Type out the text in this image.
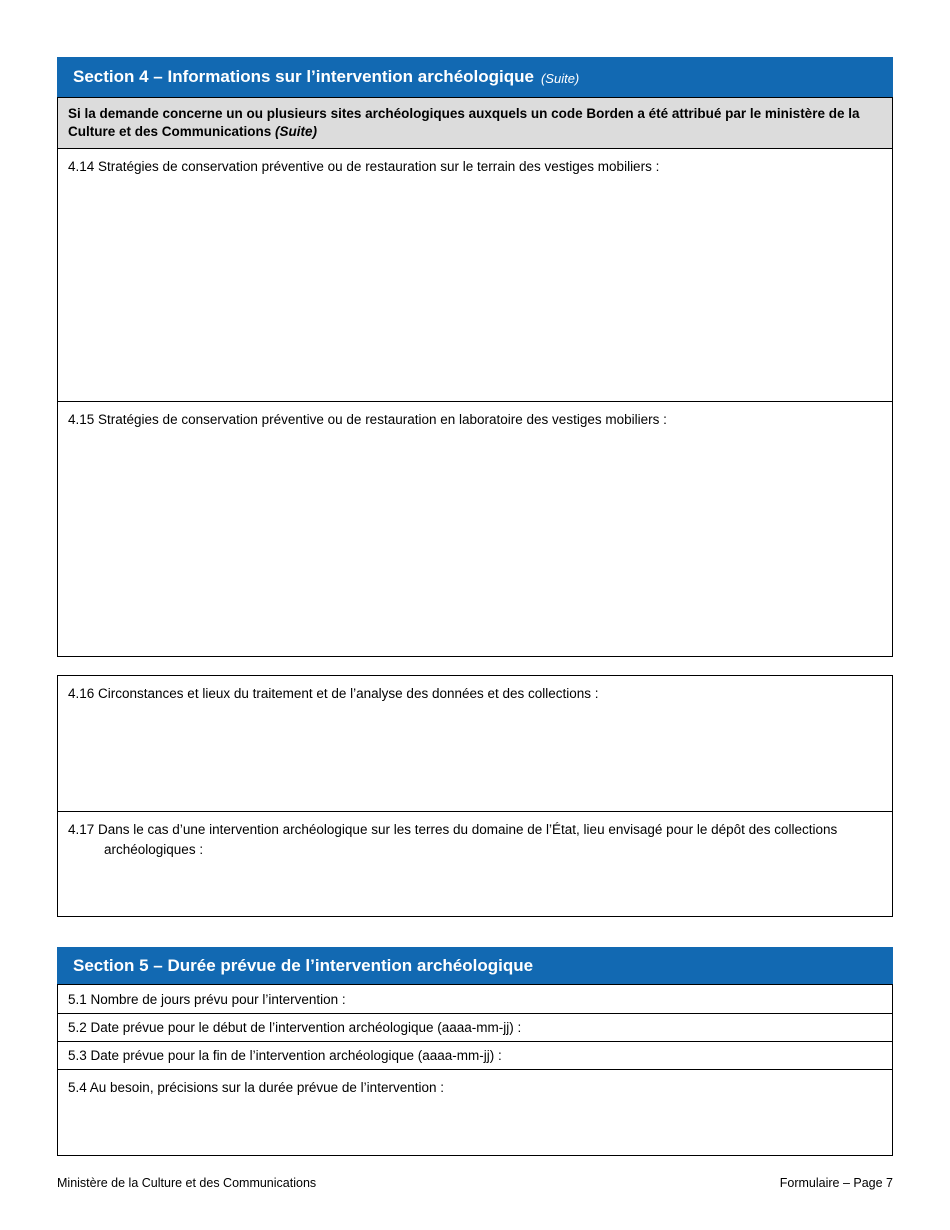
Section 4 – Informations sur l’intervention archéologique (Suite)
Si la demande concerne un ou plusieurs sites archéologiques auxquels un code Borden a été attribué par le ministère de la Culture et des Communications (Suite)
4.14 Stratégies de conservation préventive ou de restauration sur le terrain des vestiges mobiliers :
4.15 Stratégies de conservation préventive ou de restauration en laboratoire des vestiges mobiliers :
4.16 Circonstances et lieux du traitement et de l’analyse des données et des collections :
4.17 Dans le cas d’une intervention archéologique sur les terres du domaine de l’État, lieu envisagé pour le dépôt des collections archéologiques :
Section 5 – Durée prévue de l’intervention archéologique
5.1 Nombre de jours prévu pour l’intervention :
5.2 Date prévue pour le début de l’intervention archéologique (aaaa-mm-jj) :
5.3 Date prévue pour la fin de l’intervention archéologique (aaaa-mm-jj) :
5.4 Au besoin, précisions sur la durée prévue de l’intervention :
Ministère de la Culture et des Communications	Formulaire – Page 7
